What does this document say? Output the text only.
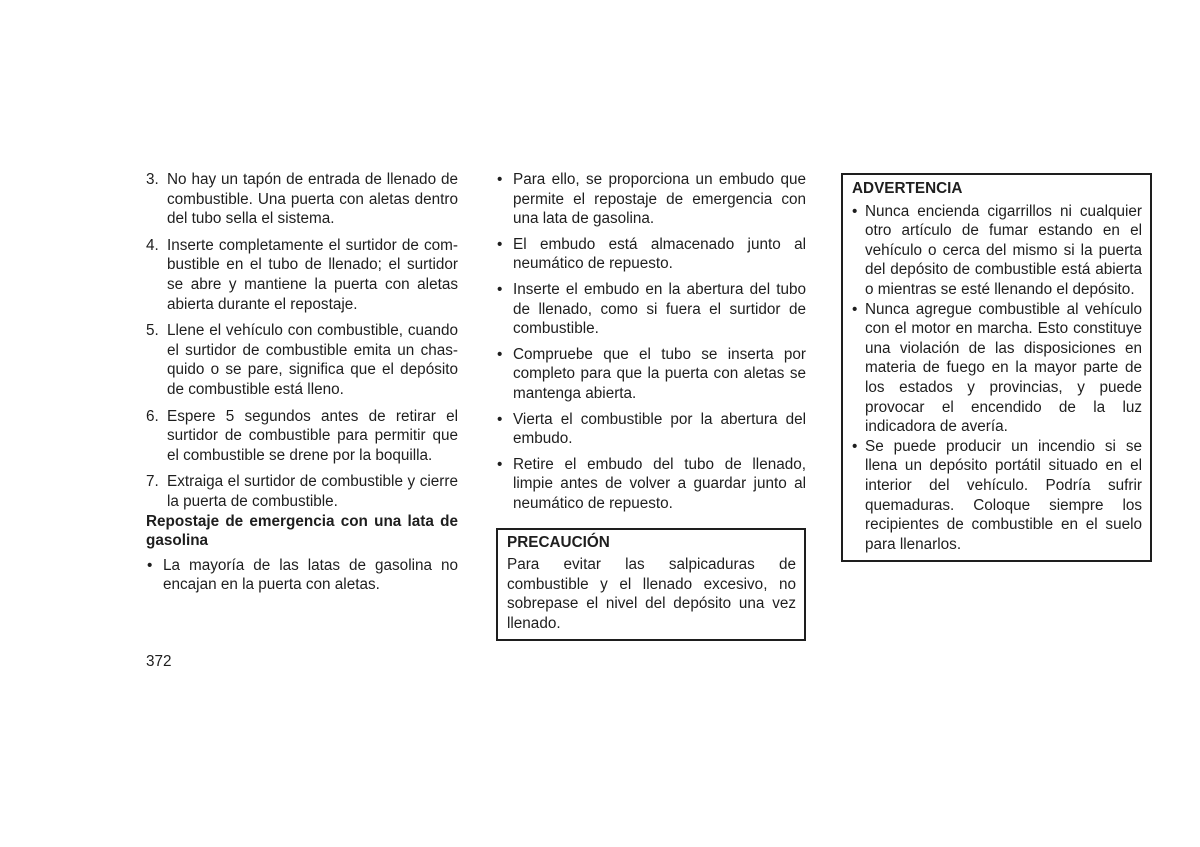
3. No hay un tapón de entrada de llenado de combustible. Una puerta con aletas dentro del tubo sella el sistema.
4. Inserte completamente el surtidor de combustible en el tubo de llenado; el surtidor se abre y mantiene la puerta con aletas abierta durante el repostaje.
5. Llene el vehículo con combustible, cuando el surtidor de combustible emita un chasquido o se pare, significa que el depósito de combustible está lleno.
6. Espere 5 segundos antes de retirar el surtidor de combustible para permitir que el combustible se drene por la boquilla.
7. Extraiga el surtidor de combustible y cierre la puerta de combustible.
Repostaje de emergencia con una lata de gasolina
• La mayoría de las latas de gasolina no encajan en la puerta con aletas.
• Para ello, se proporciona un embudo que permite el repostaje de emergencia con una lata de gasolina.
• El embudo está almacenado junto al neumático de repuesto.
• Inserte el embudo en la abertura del tubo de llenado, como si fuera el surtidor de combustible.
• Compruebe que el tubo se inserta por completo para que la puerta con aletas se mantenga abierta.
• Vierta el combustible por la abertura del embudo.
• Retire el embudo del tubo de llenado, limpie antes de volver a guardar junto al neumático de repuesto.
PRECAUCIÓN

Para evitar las salpicaduras de combustible y el llenado excesivo, no sobrepase el nivel del depósito una vez llenado.

ADVERTENCIA
• Nunca encienda cigarrillos ni cualquier otro artículo de fumar estando en el vehículo o cerca del mismo si la puerta del depósito de combustible está abierta o mientras se esté llenando el depósito.
• Nunca agregue combustible al vehículo con el motor en marcha. Esto constituye una violación de las disposiciones en materia de fuego en la mayor parte de los estados y provincias, y puede provocar el encendido de la luz indicadora de avería.
• Se puede producir un incendio si se llena un depósito portátil situado en el interior del vehículo. Podría sufrir quemaduras. Coloque siempre los recipientes de combustible en el suelo para llenarlos.
372
